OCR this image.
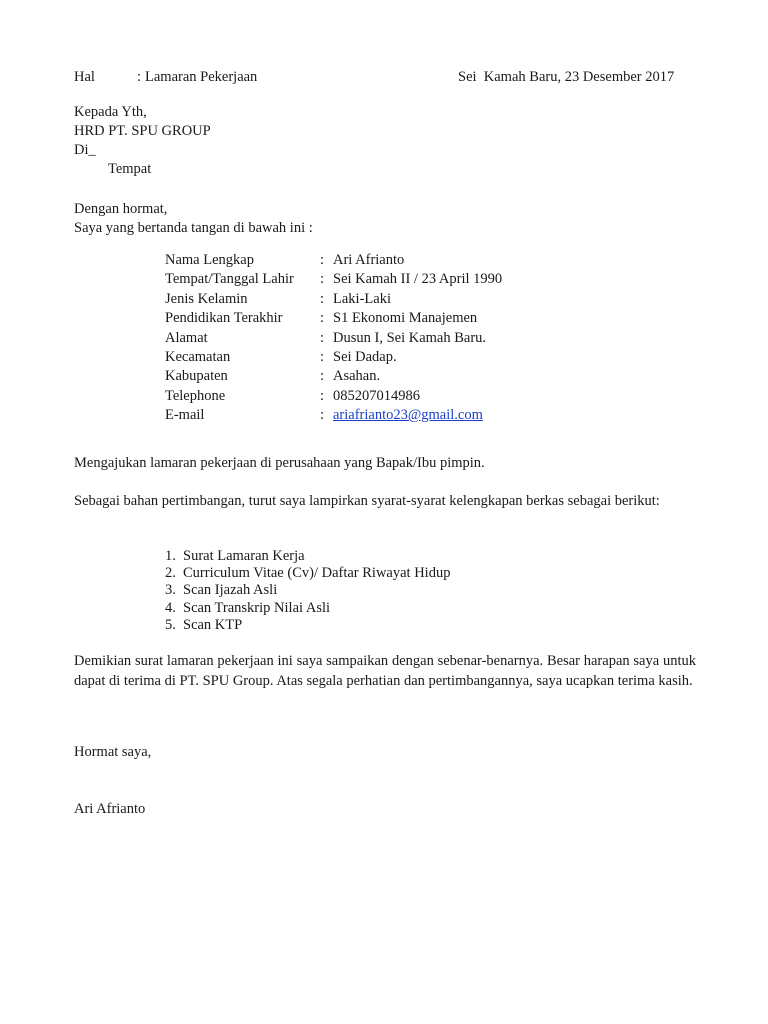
Hal	: Lamaran Pekerjaan	Sei  Kamah Baru, 23 Desember 2017
Kepada Yth,
HRD PT. SPU GROUP
Di_
Tempat
Dengan hormat,
Saya yang bertanda tangan di bawah ini :
Nama Lengkap	: Ari Afrianto
Tempat/Tanggal Lahir : Sei Kamah II / 23 April 1990
Jenis Kelamin	: Laki-Laki
Pendidikan Terakhir	: S1 Ekonomi Manajemen
Alamat	: Dusun I, Sei Kamah Baru.
Kecamatan	: Sei Dadap.
Kabupaten	: Asahan.
Telephone	: 085207014986
E-mail	: ariafrianto23@gmail.com
Mengajukan lamaran pekerjaan di perusahaan yang Bapak/Ibu pimpin.
Sebagai bahan pertimbangan, turut saya lampirkan syarat-syarat kelengkapan berkas sebagai berikut:
1. Surat Lamaran Kerja
2. Curriculum Vitae (Cv)/ Daftar Riwayat Hidup
3. Scan Ijazah Asli
4. Scan Transkrip Nilai Asli
5. Scan KTP
Demikian surat lamaran pekerjaan ini saya sampaikan dengan sebenar-benarnya. Besar harapan saya untuk dapat di terima di PT. SPU Group. Atas segala perhatian dan pertimbangannya, saya ucapkan terima kasih.
Hormat saya,
Ari Afrianto
